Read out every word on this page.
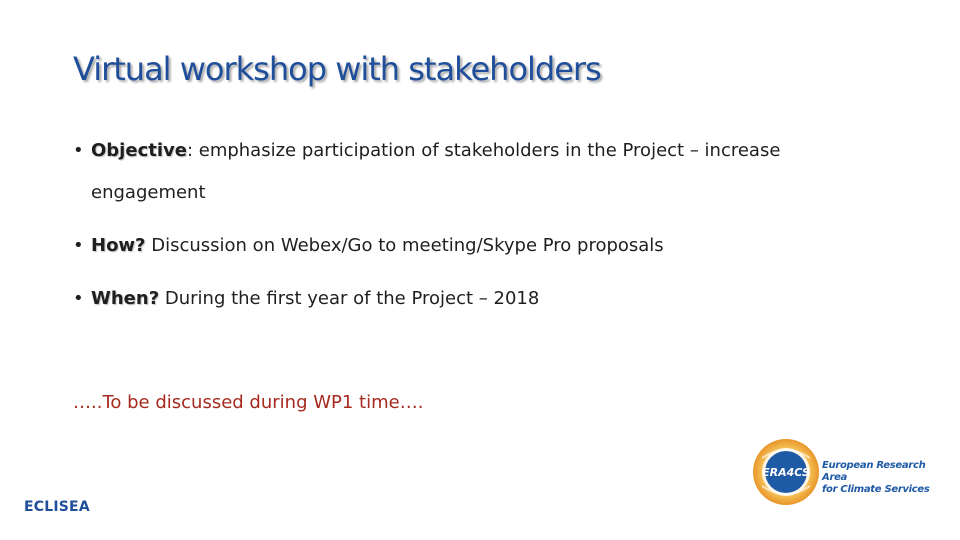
Virtual workshop with stakeholders
• Objective: emphasize participation of stakeholders in the Project – increase engagement
• How? Discussion on Webex/Go to meeting/Skype Pro proposals
• When? During the first year of the Project – 2018
…..To be discussed during WP1 time….
ECLISEA
ERA4CS
European Research Area
for Climate Services
